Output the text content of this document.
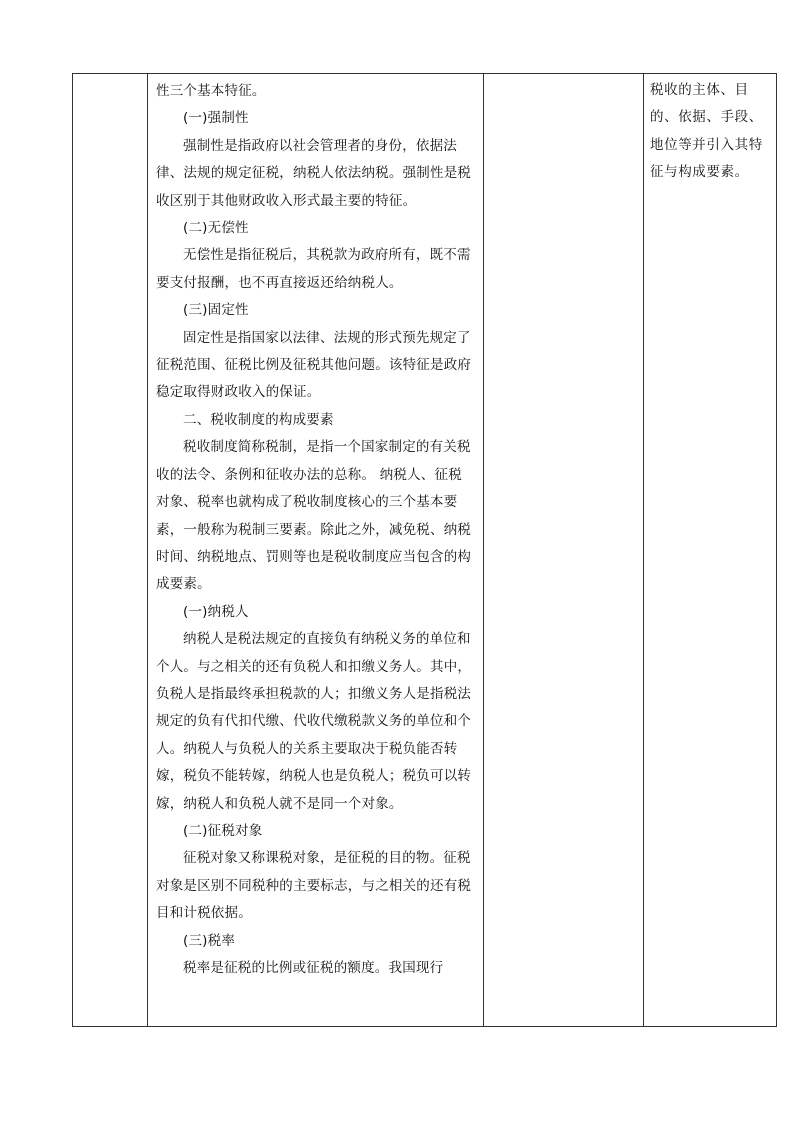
性三个基本特征。

(一)强制性

强制性是指政府以社会管理者的身份，依据法律、法规的规定征税，纳税人依法纳税。强制性是税收区别于其他财政收入形式最主要的特征。

(二)无偿性

无偿性是指征税后，其税款为政府所有，既不需要支付报酬，也不再直接返还给纳税人。

(三)固定性

固定性是指国家以法律、法规的形式预先规定了征税范围、征税比例及征税其他问题。该特征是政府稳定取得财政收入的保证。

二、税收制度的构成要素

税收制度简称税制，是指一个国家制定的有关税收的法令、条例和征收办法的总称。 纳税人、征税对象、税率也就构成了税收制度核心的三个基本要素，一般称为税制三要素。除此之外，减免税、纳税时间、纳税地点、罚则等也是税收制度应当包含的构成要素。

(一)纳税人

纳税人是税法规定的直接负有纳税义务的单位和个人。与之相关的还有负税人和扣缴义务人。其中，负税人是指最终承担税款的人；扣缴义务人是指税法规定的负有代扣代缴、代收代缴税款义务的单位和个人。纳税人与负税人的关系主要取决于税负能否转嫁，税负不能转嫁，纳税人也是负税人；税负可以转嫁，纳税人和负税人就不是同一个对象。

(二)征税对象

征税对象又称课税对象，是征税的目的物。征税对象是区别不同税种的主要标志，与之相关的还有税目和计税依据。

(三)税率

税率是征税的比例或征税的额度。我国现行

税收的主体、目的、依据、手段、地位等并引入其特征与构成要素。
